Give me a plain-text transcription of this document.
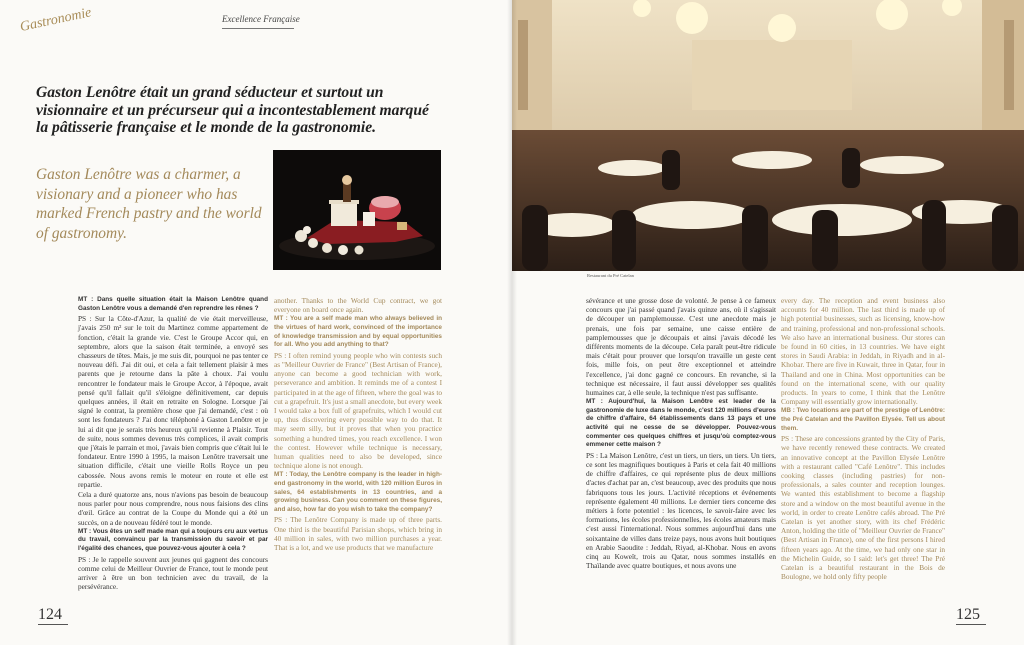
Gastronomie	Excellence Française
Gaston Lenôtre était un grand séducteur et surtout un visionnaire et un précurseur qui a incontestablement marqué la pâtisserie française et le monde de la gastronomie.
Gaston Lenôtre was a charmer, a visionary and a pioneer who has marked French pastry and the world of gastronomy.
Restaurant du Pré Catelan

MT : Dans quelle situation était la Maison Lenôtre quand Gaston Lenôtre vous a demandé d'en reprendre les rênes ?

PS : Sur la Côte-d'Azur, la qualité de vie était merveilleuse, j'avais 250 m² sur le toit du Martinez comme appartement de fonction, c'était la grande vie. C'est le Groupe Accor qui, en septembre, alors que la saison était terminée, a envoyé ses chasseurs de têtes. Mais, je me suis dit, pourquoi ne pas tenter ce nouveau défi. J'ai dit oui, et cela a fait tellement plaisir à mes parents que je retourne dans la pâte à choux. J'ai voulu rencontrer le fondateur mais le Groupe Accor, à l'époque, avait pensé qu'il fallait qu'il s'éloigne définitivement, car depuis quelques années, il était en retraite en Sologne. Lorsque j'ai signé le contrat, la première chose que j'ai demandé, c'est : où sont les fondateurs ? J'ai donc téléphoné à Gaston Lenôtre et je lui ai dit que je serais très heureux qu'il revienne à Plaisir. Tout de suite, nous sommes devenus très complices, il avait compris que j'étais le parrain et moi, j'avais bien compris que c'était lui le fondateur. Entre 1990 à 1995, la maison Lenôtre traversait une situation difficile, c'était une vieille Rolls Royce un peu cabossée. Nous avons remis le moteur en route et elle est repartie.

Cela a duré quatorze ans, nous n'avions pas besoin de beaucoup nous parler pour nous comprendre, nous nous faisions des clins d'œil. Grâce au contrat de la Coupe du Monde qui a été un succès, on a de nouveau fédéré tout le monde.

MT : Vous êtes un self made man qui a toujours cru aux vertus du travail, convaincu par la transmission du savoir et par l'égalité des chances, que pouvez-vous ajouter à cela ?

PS : Je le rappelle souvent aux jeunes qui gagnent des concours comme celui de Meilleur Ouvrier de France, tout le monde peut arriver à être un bon technicien avec du travail, de la persévérance.

another. Thanks to the World Cup contract, we got everyone on board once again.

MT : You are a self made man who always believed in the virtues of hard work, convinced of the importance of knowledge transmission and by equal opportunities for all. Who you add anything to that?

PS : I often remind young people who win contests such as "Meilleur Ouvrier de France" (Best Artisan of France), anyone can become a good technician with work, perseverance and ambition. It reminds me of a contest I participated in at the age of fifteen, where the goal was to cut a grapefruit. It's just a small anecdote, but every week I would take a box full of grapefruits, which I would cut up, thus discovering every possible way to do that. It may seem silly, but it proves that when you practice something a hundred times, you reach excellence. I won the contest. However while technique is necessary, human qualities need to also be developed, since technique alone is not enough.

MT : Today, the Lenôtre company is the leader in high-end gastronomy in the world, with 120 million Euros in sales, 64 establishments in 13 countries, and a growing business. Can you comment on these figures, and also, how far do you wish to take the company?

PS : The Lenôtre Company is made up of three parts. One third is the beautiful Parisian shops, which bring in 40 million in sales, with two million purchases a year. That is a lot, and we use products that we manufacture

sévérance et une grosse dose de volonté. Je pense à ce fameux concours que j'ai passé quand j'avais quinze ans, où il s'agissait de découper un pamplemousse. C'est une anecdote mais je prenais, une fois par semaine, une caisse entière de pamplemousses que je découpais et ainsi j'avais décodé les différents moments de la découpe. Cela paraît peut-être ridicule mais c'était pour prouver que lorsqu'on travaille un geste cent fois, mille fois, on peut être exceptionnel et atteindre l'excellence, j'ai donc gagné ce concours. En revanche, si la technique est nécessaire, il faut aussi développer ses qualités humaines car, à elle seule, la technique n'est pas suffisante.

MT : Aujourd'hui, la Maison Lenôtre est leader de la gastronomie de luxe dans le monde, c'est 120 millions d'euros de chiffre d'affaire, 64 établissements dans 13 pays et une activité qui ne cesse de se développer. Pouvez-vous commenter ces quelques chiffres et jusqu'où comptez-vous emmener cette maison ?

PS : La Maison Lenôtre, c'est un tiers, un tiers, un tiers. Un tiers, ce sont les magnifiques boutiques à Paris et cela fait 40 millions de chiffre d'affaires, ce qui représente plus de deux millions d'actes d'achat par an, c'est beaucoup, avec des produits que nous fabriquons tous les jours. L'activité réceptions et événements représente également 40 millions. Le dernier tiers concerne des métiers à forte potentiel : les licences, le savoir-faire avec les formations, les écoles professionnelles, les écoles amateurs mais c'est aussi l'international. Nous sommes aujourd'hui dans une soixantaine de villes dans treize pays, nous avons huit boutiques en Arabie Saoudite : Jeddah, Riyad, al-Khobar. Nous en avons cinq au Koweït, trois au Qatar, nous sommes installés en Thaïlande avec quatre boutiques, et nous avons une

every day. The reception and event business also accounts for 40 million. The last third is made up of high potential businesses, such as licensing, know-how and training, professional and non-professional schools. We also have an international business. Our stores can be found in 60 cities, in 13 countries. We have eight stores in Saudi Arabia: in Jeddah, in Riyadh and in al-Khobar. There are five in Kuwait, three in Qatar, four in Thailand and one in China. Most opportunities can be found on the international scene, with our quality products. In years to come, I think that the Lenôtre Company will essentially grow internationally.

MB : Two locations are part of the prestige of Lenôtre: the Pré Catelan and the Pavillon Elysée. Tell us about them.

PS : These are concessions granted by the City of Paris, we have recently renewed these contracts. We created an innovative concept at the Pavillon Elysée Lenôtre with a restaurant called "Café Lenôtre". This includes cooking classes (including pastries) for non-professionals, a sales counter and reception lounges. We wanted this establishment to become a flagship store and a window on the most beautiful avenue in the world, in order to create Lenôtre cafés abroad. The Pré Catelan is yet another story, with its chef Frédéric Anton, holding the title of "Meilleur Ouvrier de France" (Best Artisan in France), one of the first persons I hired fifteen years ago. At the time, we had only one star in the Michelin Guide, so I said: let's get three! The Pré Catelan is a beautiful restaurant in the Bois de Boulogne, we hold only fifty people

124	125
